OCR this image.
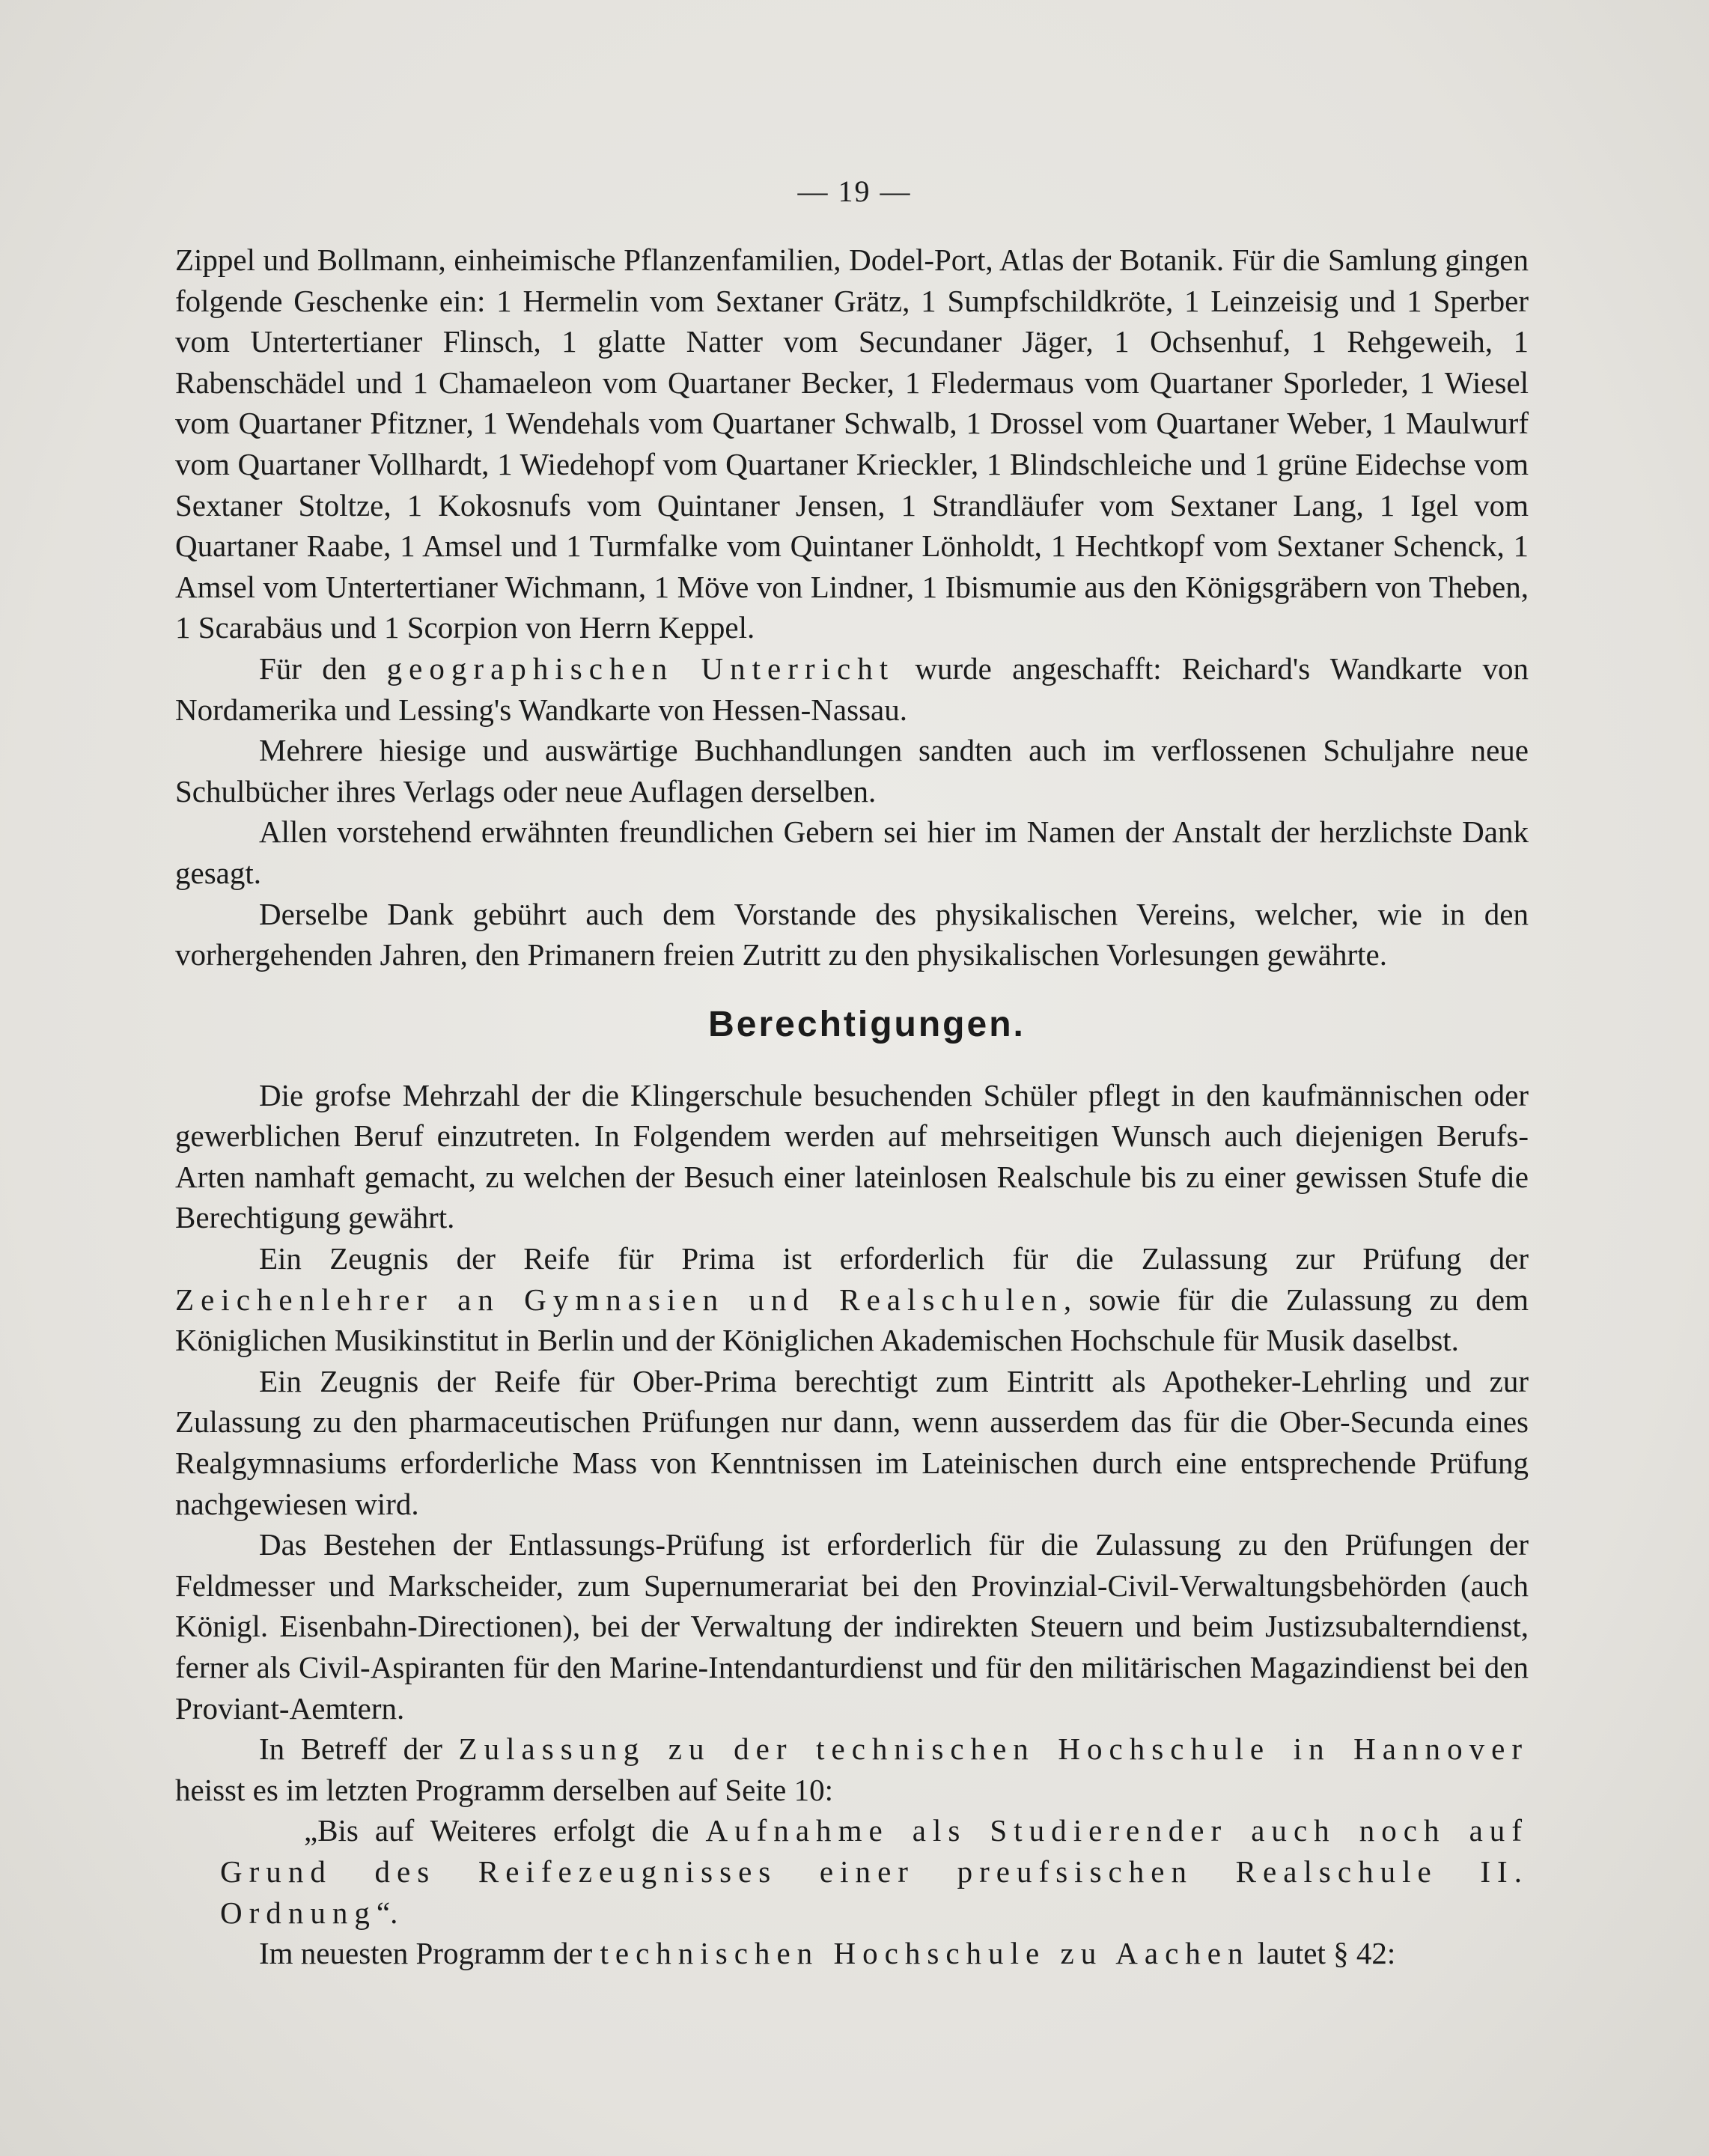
— 19 —

Zippel und Bollmann, einheimische Pflanzenfamilien, Dodel-Port, Atlas der Botanik. Für die Samlung gingen folgende Geschenke ein: 1 Hermelin vom Sextaner Grätz, 1 Sumpfschildkröte, 1 Leinzeisig und 1 Sperber vom Untertertianer Flinsch, 1 glatte Natter vom Secundaner Jäger, 1 Ochsenhuf, 1 Rehgeweih, 1 Rabenschädel und 1 Chamaeleon vom Quartaner Becker, 1 Fledermaus vom Quartaner Sporleder, 1 Wiesel vom Quartaner Pfitzner, 1 Wendehals vom Quartaner Schwalb, 1 Drossel vom Quartaner Weber, 1 Maulwurf vom Quartaner Vollhardt, 1 Wiedehopf vom Quartaner Krieckler, 1 Blindschleiche und 1 grüne Eidechse vom Sextaner Stoltze, 1 Kokosnufs vom Quintaner Jensen, 1 Strandläufer vom Sextaner Lang, 1 Igel vom Quartaner Raabe, 1 Amsel und 1 Turmfalke vom Quintaner Lönholdt, 1 Hechtkopf vom Sextaner Schenck, 1 Amsel vom Untertertianer Wichmann, 1 Möve von Lindner, 1 Ibismumie aus den Königsgräbern von Theben, 1 Scarabäus und 1 Scorpion von Herrn Keppel.

Für den geographischen Unterricht wurde angeschafft: Reichard's Wandkarte von Nordamerika und Lessing's Wandkarte von Hessen-Nassau.

Mehrere hiesige und auswärtige Buchhandlungen sandten auch im verflossenen Schuljahre neue Schulbücher ihres Verlags oder neue Auflagen derselben.

Allen vorstehend erwähnten freundlichen Gebern sei hier im Namen der Anstalt der herzlichste Dank gesagt.

Derselbe Dank gebührt auch dem Vorstande des physikalischen Vereins, welcher, wie in den vorhergehenden Jahren, den Primanern freien Zutritt zu den physikalischen Vorlesungen gewährte.

Berechtigungen.

Die grofse Mehrzahl der die Klingerschule besuchenden Schüler pflegt in den kaufmännischen oder gewerblichen Beruf einzutreten. In Folgendem werden auf mehrseitigen Wunsch auch diejenigen Berufs-Arten namhaft gemacht, zu welchen der Besuch einer lateinlosen Realschule bis zu einer gewissen Stufe die Berechtigung gewährt.

Ein Zeugnis der Reife für Prima ist erforderlich für die Zulassung zur Prüfung der Zeichenlehrer an Gymnasien und Realschulen, sowie für die Zulassung zu dem Königlichen Musikinstitut in Berlin und der Königlichen Akademischen Hochschule für Musik daselbst.

Ein Zeugnis der Reife für Ober-Prima berechtigt zum Eintritt als Apotheker-Lehrling und zur Zulassung zu den pharmaceutischen Prüfungen nur dann, wenn ausserdem das für die Ober-Secunda eines Realgymnasiums erforderliche Mass von Kenntnissen im Lateinischen durch eine entsprechende Prüfung nachgewiesen wird.

Das Bestehen der Entlassungs-Prüfung ist erforderlich für die Zulassung zu den Prüfungen der Feldmesser und Markscheider, zum Supernumerariat bei den Provinzial-Civil-Verwaltungsbehörden (auch Königl. Eisenbahn-Directionen), bei der Verwaltung der indirekten Steuern und beim Justizsubalterndienst, ferner als Civil-Aspiranten für den Marine-Intendanturdienst und für den militärischen Magazindienst bei den Proviant-Aemtern.

In Betreff der Zulassung zu der technischen Hochschule in Hannover heisst es im letzten Programm derselben auf Seite 10:

„Bis auf Weiteres erfolgt die Aufnahme als Studierender auch noch auf Grund des Reifezeugnisses einer preufsischen Realschule II. Ordnung“.

Im neuesten Programm der technischen Hochschule zu Aachen lautet § 42:
